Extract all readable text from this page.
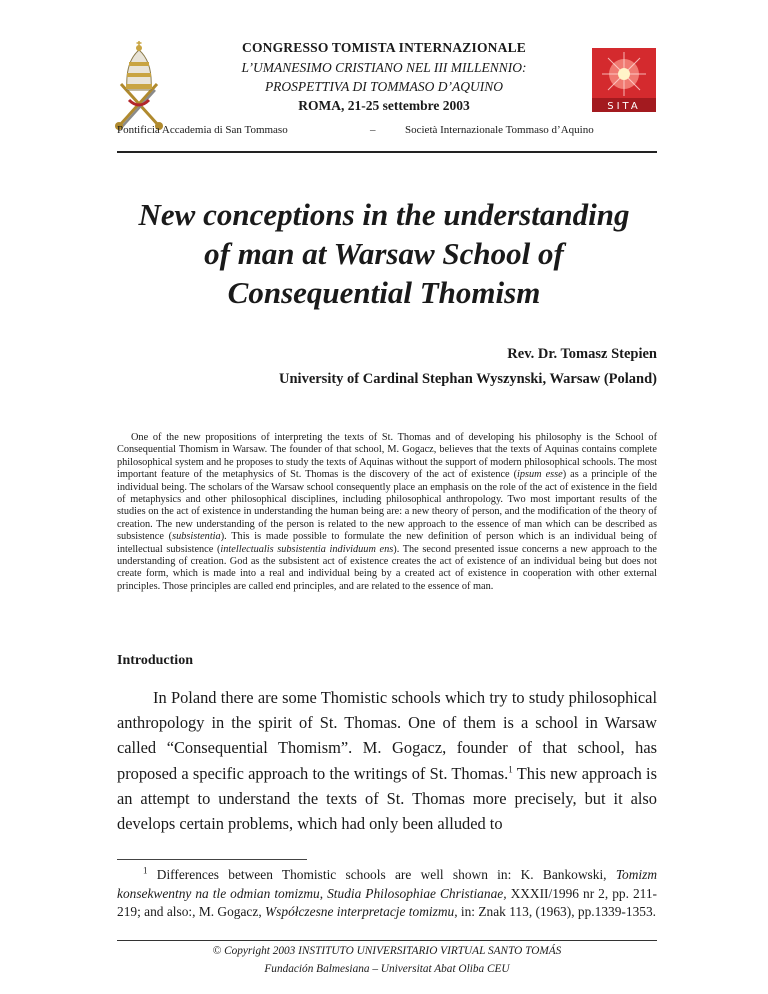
CONGRESSO TOMISTA INTERNAZIONALE
L’UMANESIMO CRISTIANO NEL III MILLENNIO:
PROSPETTIVA DI TOMMASO D’AQUINO
ROMA, 21-25 settembre 2003	SITA
Pontificia Accademia di San Tommaso	–	Società Internazionale Tommaso d’Aquino
New conceptions in the understanding
of man at Warsaw School of
Consequential Thomism
Rev. Dr. Tomasz Stepien
University of Cardinal Stephan Wyszynski, Warsaw (Poland)
One of the new propositions of interpreting the texts of St. Thomas and of developing his philosophy is the School of Consequential Thomism in Warsaw. The founder of that school, M. Gogacz, believes that the texts of Aquinas contains complete philosophical system and he proposes to study the texts of Aquinas without the support of modern philosophical schools. The most important feature of the metaphysics of St. Thomas is the discovery of the act of existence (ipsum esse) as a principle of the individual being. The scholars of the Warsaw school consequently place an emphasis on the role of the act of existence in the field of metaphysics and other philosophical disciplines, including philosophical anthropology. Two most important results of the studies on the act of existence in understanding the human being are: a new theory of person, and the modification of the theory of creation. The new understanding of the person is related to the new approach to the essence of man which can be described as subsistence (subsistentia). This is made possible to formulate the new definition of person which is an individual being of intellectual subsistence (intellectualis subsistentia individuum ens). The second presented issue concerns a new approach to the understanding of creation. God as the subsistent act of existence creates the act of existence of an individual being but does not create form, which is made into a real and individual being by a created act of existence in cooperation with other external principles. Those principles are called end principles, and are related to the essence of man.
Introduction
In Poland there are some Thomistic schools which try to study philosophical anthropology in the spirit of St. Thomas. One of them is a school in Warsaw called “Consequential Thomism”. M. Gogacz, founder of that school, has proposed a specific approach to the writings of St. Thomas.$^1$ This new approach is an attempt to understand the texts of St. Thomas more precisely, but it also develops certain problems, which had only been alluded to
$^1$ Differences between Thomistic schools are well shown in: K. Bankowski, Tomizm konsekwentny na tle odmian tomizmu, Studia Philosophiae Christianae, XXXII/1996 nr 2, pp. 211- 219; and also:, M. Gogacz, Współczesne interpretacje tomizmu, in: Znak 113, (1963), pp.1339-1353.
© Copyright 2003 INSTITUTO UNIVERSITARIO VIRTUAL SANTO TOMÁS
Fundación Balmesiana – Universitat Abat Oliba CEU
